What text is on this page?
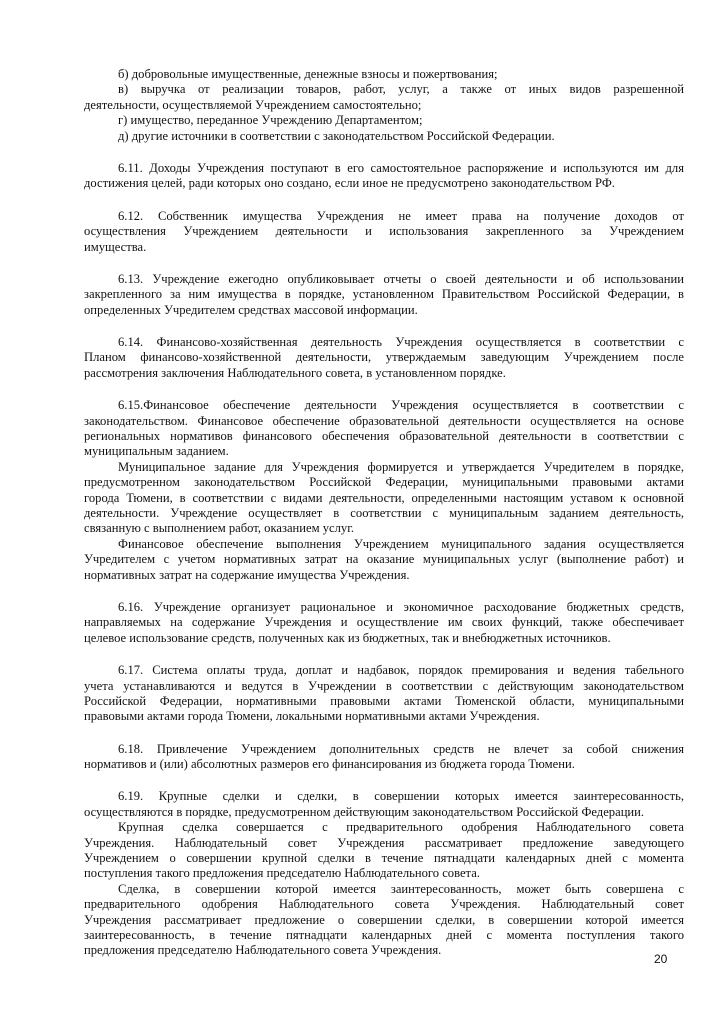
б) добровольные имущественные, денежные взносы и пожертвования;
в) выручка от реализации товаров, работ, услуг, а также от иных видов разрешенной
деятельности, осуществляемой Учреждением самостоятельно;
г) имущество, переданное Учреждению Департаментом;
д) другие источники в соответствии с законодательством Российской Федерации.
6.11. Доходы Учреждения поступают в его самостоятельное распоряжение и используются им для
достижения целей, ради которых оно создано, если иное не предусмотрено законодательством РФ.
6.12. Собственник имущества Учреждения не имеет права на получение доходов от
осуществления Учреждением деятельности и использования закрепленного за Учреждением
имущества.
6.13. Учреждение ежегодно опубликовывает отчеты о своей деятельности и об использовании
закрепленного за ним имущества в порядке, установленном Правительством Российской Федерации, в
определенных Учредителем средствах массовой информации.
6.14. Финансово-хозяйственная деятельность Учреждения осуществляется в соответствии с
Планом финансово-хозяйственной деятельности, утверждаемым заведующим Учреждением после
рассмотрения заключения Наблюдательного совета, в установленном порядке.
6.15.Финансовое обеспечение деятельности Учреждения осуществляется в соответствии с
законодательством. Финансовое обеспечение образовательной деятельности осуществляется на основе
региональных нормативов финансового обеспечения образовательной деятельности в соответствии с
муниципальным заданием.
Муниципальное задание для Учреждения формируется и утверждается Учредителем в порядке,
предусмотренном законодательством Российской Федерации, муниципальными правовыми актами
города Тюмени, в соответствии с видами деятельности, определенными настоящим уставом к основной
деятельности. Учреждение осуществляет в соответствии с муниципальным заданием деятельность,
связанную с выполнением работ, оказанием услуг.
Финансовое обеспечение выполнения Учреждением муниципального задания осуществляется
Учредителем с учетом нормативных затрат на оказание муниципальных услуг (выполнение работ) и
нормативных затрат на содержание имущества Учреждения.
6.16. Учреждение организует рациональное и экономичное расходование бюджетных средств,
направляемых на содержание Учреждения и осуществление им своих функций, также обеспечивает
целевое использование средств, полученных как из бюджетных, так и внебюджетных источников.
6.17. Система оплаты труда, доплат и надбавок, порядок премирования и ведения табельного
учета устанавливаются и ведутся в Учреждении в соответствии с действующим законодательством
Российской Федерации, нормативными правовыми актами Тюменской области, муниципальными
правовыми актами города Тюмени, локальными нормативными актами Учреждения.
6.18. Привлечение Учреждением дополнительных средств не влечет за собой снижения
нормативов и (или) абсолютных размеров его финансирования из бюджета города Тюмени.
6.19. Крупные сделки и сделки, в совершении которых имеется заинтересованность,
осуществляются в порядке, предусмотренном действующим законодательством Российской Федерации.
Крупная сделка совершается с предварительного одобрения Наблюдательного совета
Учреждения. Наблюдательный совет Учреждения рассматривает предложение заведующего
Учреждением о совершении крупной сделки в течение пятнадцати календарных дней с момента
поступления такого предложения председателю Наблюдательного совета.
Сделка, в совершении которой имеется заинтересованность, может быть совершена с
предварительного одобрения Наблюдательного совета Учреждения. Наблюдательный совет
Учреждения рассматривает предложение о совершении сделки, в совершении которой имеется
заинтересованность, в течение пятнадцати календарных дней с момента поступления такого
предложения председателю Наблюдательного совета Учреждения.
20
